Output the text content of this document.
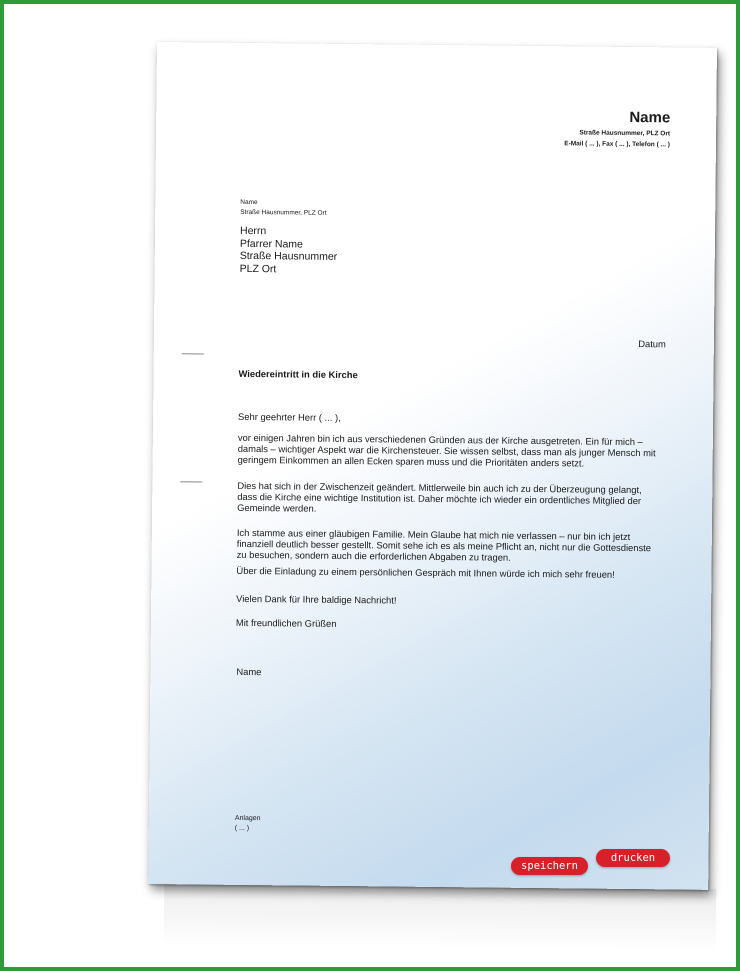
Name
Straße Hausnummer, PLZ Ort
E-Mail ( ... ), Fax ( ... ), Telefon ( ... )
Name
Straße Hausnummer, PLZ Ort
Herrn
Pfarrer Name
Straße Hausnummer
PLZ Ort
Datum
Wiedereintritt in die Kirche
Sehr geehrter Herr ( ... ),
vor einigen Jahren bin ich aus verschiedenen Gründen aus der Kirche ausgetreten. Ein für mich – damals – wichtiger Aspekt war die Kirchensteuer. Sie wissen selbst, dass man als junger Mensch mit geringem Einkommen an allen Ecken sparen muss und die Prioritäten anders setzt.
Dies hat sich in der Zwischenzeit geändert. Mittlerweile bin auch ich zu der Überzeugung gelangt, dass die Kirche eine wichtige Institution ist. Daher möchte ich wieder ein ordentliches Mitglied der Gemeinde werden.
Ich stamme aus einer gläubigen Familie. Mein Glaube hat mich nie verlassen – nur bin ich jetzt finanziell deutlich besser gestellt. Somit sehe ich es als meine Pflicht an, nicht nur die Gottesdienste zu besuchen, sondern auch die erforderlichen Abgaben zu tragen.
Über die Einladung zu einem persönlichen Gespräch mit Ihnen würde ich mich sehr freuen!
Vielen Dank für Ihre baldige Nachricht!
Mit freundlichen Grüßen
Name
Anlagen
( ... )
speichern
drucken
